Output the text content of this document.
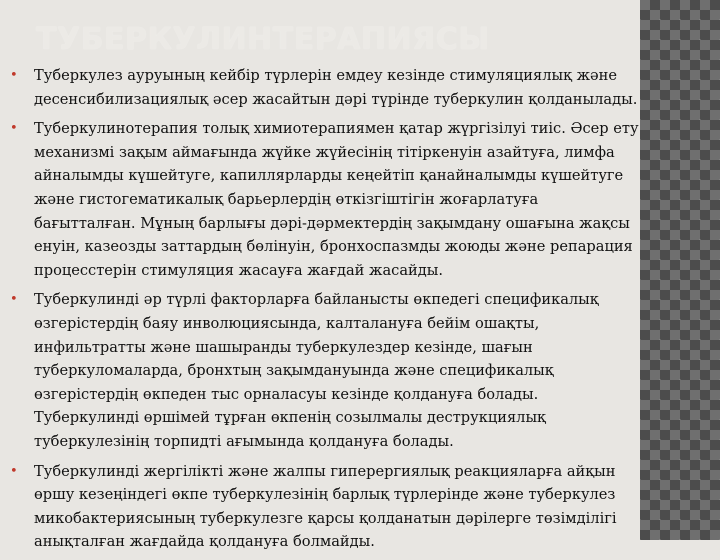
ТУБЕРКУЛИНТЕРАПИЯСЫ
• Туберкулез ауруының кейбір түрлерін емдеу кезінде стимуляциялық және десенсибилизациялық әсер жасайтын дәрі түрінде туберкулин қолданылады.
• Туберкулинотерапия толық химиотерапиямен қатар жүргізілуі тиіс. Әсер ету механизмі зақым аймағында жүйке жүйесінің тітіркенуін азайтуға, лимфа айналымды күшейтуге, капиллярларды кеңейтіп қанайналымды күшейтуге және гистогематикалық барьерлердің өткізгіштігін жоғарлатуға бағытталған. Мұның барлығы дәрі-дәрмектердің зақымдану ошағына жақсы енуін, казеозды заттардың бөлінуін, бронхоспазмды жоюды және репарация процесстерін стимуляция жасауға жағдай жасайды.
• Туберкулинді әр түрлі факторларға байланысты өкпедегі спецификалық өзгерістердің баяу инволюциясында, калталануға бейім ошақты, инфильтратты және шашыранды туберкулездер кезінде, шағын туберкуломаларда, бронхтың зақымдануында және спецификалық өзгерістердің өкпеден тыс орналасуы кезінде қолдануға болады. Туберкулинді өршімей тұрған өкпенің созылмалы деструкциялық туберкулезінің торпидті ағымында қолдануға болады.
• Туберкулинді жергілікті және жалпы гиперергиялық реакцияларға айқын өршу кезеңіндегі өкпе туберкулезінің барлық түрлерінде және туберкулез микобактериясының туберкулезге қарсы қолданатын дәрілерге төзімділігі анықталған жағдайда қолдануға болмайды.
